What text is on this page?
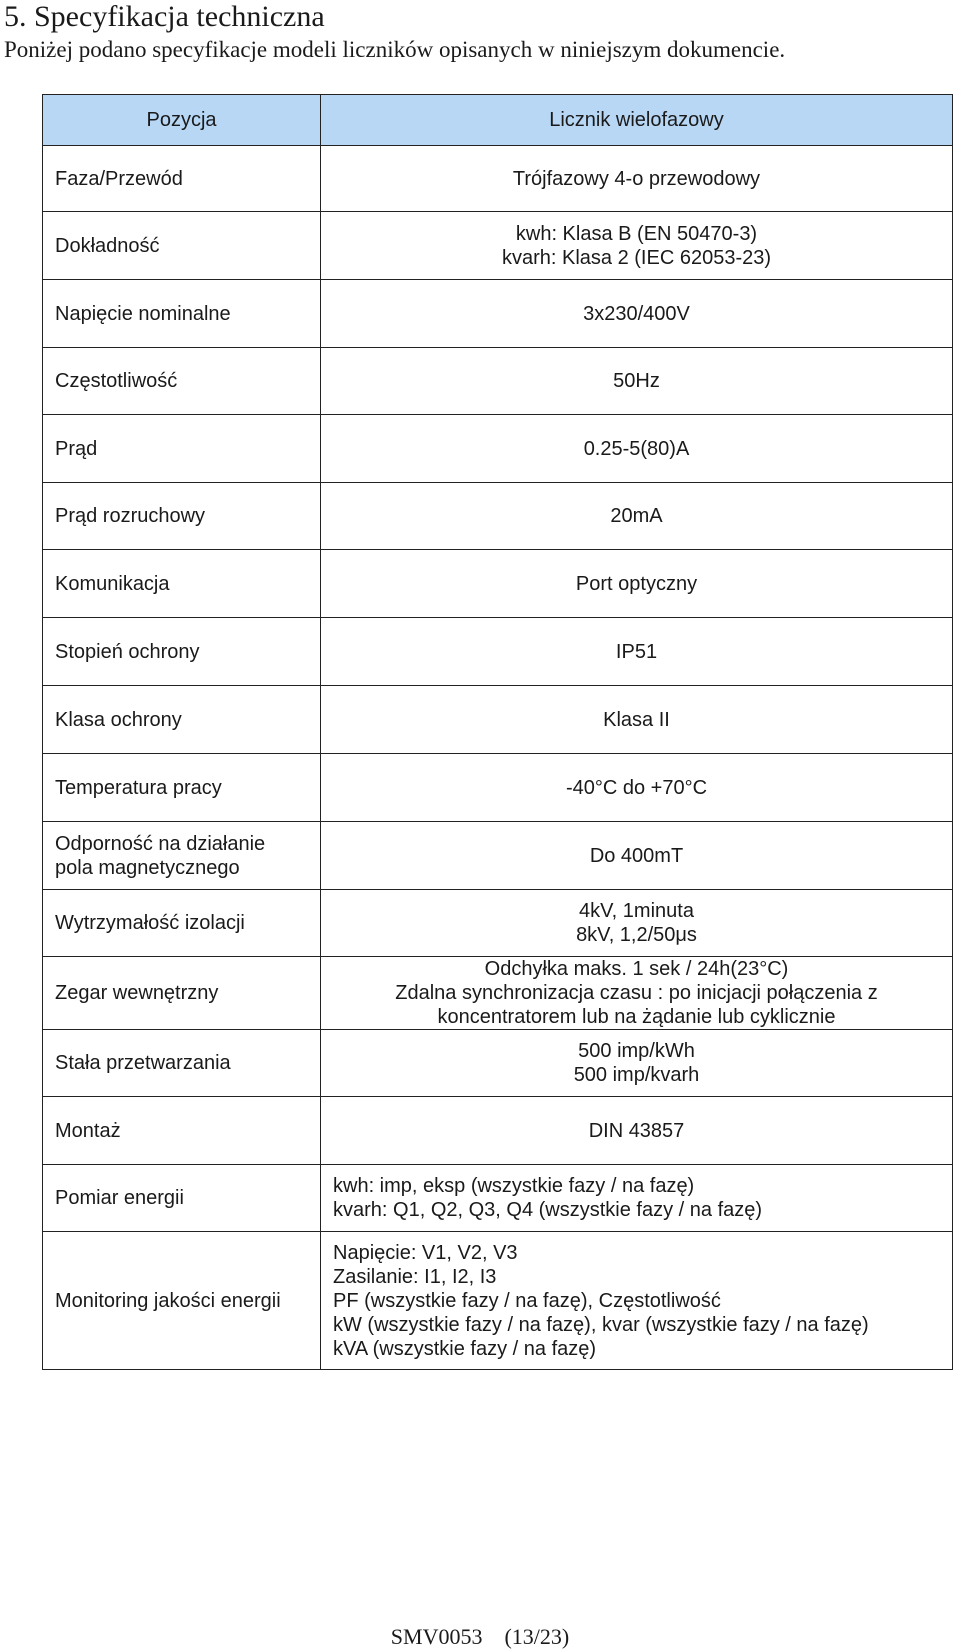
5. Specyfikacja techniczna

Poniżej podano specyfikacje modeli liczników opisanych w niniejszym dokumencie.

Pozycja	Licznik wielofazowy

Faza/Przewód	Trójfazowy 4-o przewodowy

Dokładność	kwh: Klasa B (EN 50470-3)
kvarh: Klasa 2 (IEC 62053-23)

Napięcie nominalne	3x230/400V

Częstotliwość	50Hz

Prąd	0.25-5(80)A

Prąd rozruchowy	20mA

Komunikacja	Port optyczny

Stopień ochrony	IP51

Klasa ochrony	Klasa II

Temperatura pracy	-40°C do +70°C

Odporność na działanie
pola magnetycznego	Do 400mT

Wytrzymałość izolacji	4kV, 1minuta
8kV, 1,2/50μs

Zegar wewnętrzny	Odchyłka maks. 1 sek / 24h(23°C)
Zdalna synchronizacja czasu : po inicjacji połączenia z
koncentratorem lub na żądanie lub cyklicznie

Stała przetwarzania	500 imp/kWh
500 imp/kvarh

Montaż	DIN 43857

Pomiar energii	kwh: imp, eksp (wszystkie fazy / na fazę)
kvarh: Q1, Q2, Q3, Q4 (wszystkie fazy / na fazę)

Monitoring jakości energii	Napięcie: V1, V2, V3
Zasilanie: I1, I2, I3
PF (wszystkie fazy / na fazę), Częstotliwość
kW (wszystkie fazy / na fazę), kvar (wszystkie fazy / na fazę)
kVA (wszystkie fazy / na fazę)
SMV0053　(13/23)
